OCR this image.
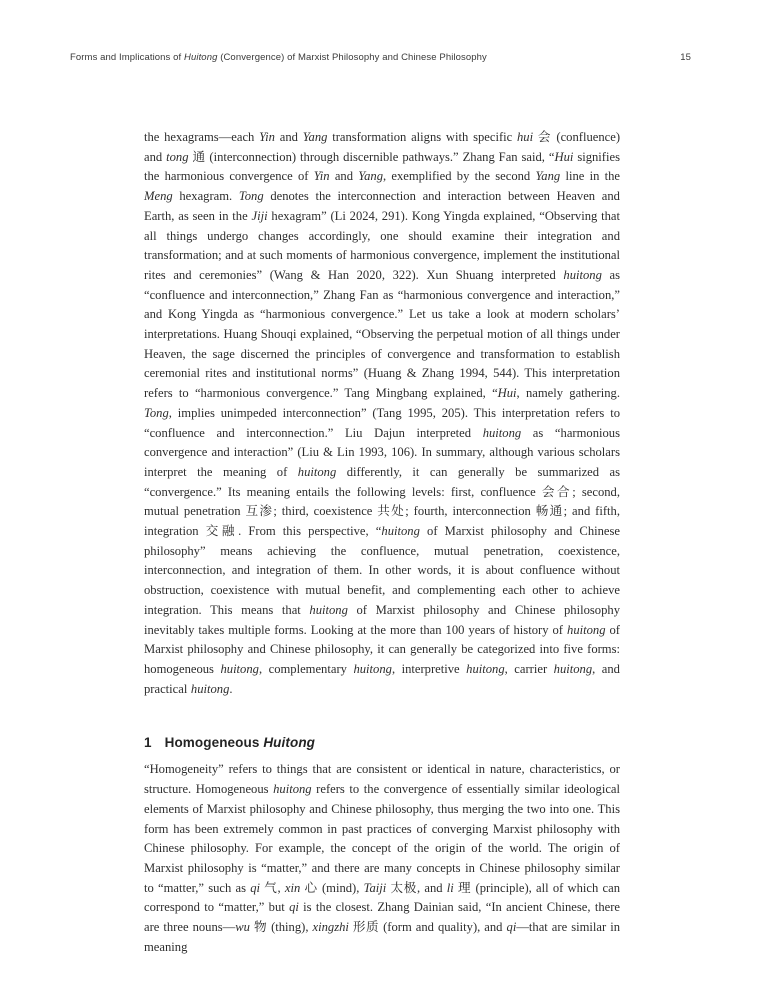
Forms and Implications of Huitong (Convergence) of Marxist Philosophy and Chinese Philosophy	15

the hexagrams—each Yin and Yang transformation aligns with specific hui 会 (confluence) and tong 通 (interconnection) through discernible pathways.” Zhang Fan said, “Hui signifies the harmonious convergence of Yin and Yang, exemplified by the second Yang line in the Meng hexagram. Tong denotes the interconnection and interaction between Heaven and Earth, as seen in the Jiji hexagram” (Li 2024, 291). Kong Yingda explained, “Observing that all things undergo changes accordingly, one should examine their integration and transformation; and at such moments of harmonious convergence, implement the institutional rites and ceremonies” (Wang & Han 2020, 322). Xun Shuang interpreted huitong as “confluence and interconnection,” Zhang Fan as “harmonious convergence and interaction,” and Kong Yingda as “harmonious convergence.” Let us take a look at modern scholars’ interpretations. Huang Shouqi explained, “Observing the perpetual motion of all things under Heaven, the sage discerned the principles of convergence and transformation to establish ceremonial rites and institutional norms” (Huang & Zhang 1994, 544). This interpretation refers to “harmonious convergence.” Tang Mingbang explained, “Hui, namely gathering. Tong, implies unimpeded interconnection” (Tang 1995, 205). This interpretation refers to “confluence and interconnection.” Liu Dajun interpreted huitong as “harmonious convergence and interaction” (Liu & Lin 1993, 106). In summary, although various scholars interpret the meaning of huitong differently, it can generally be summarized as “convergence.” Its meaning entails the following levels: first, confluence 会合; second, mutual penetration 互渗; third, coexistence 共处; fourth, interconnection 畅通; and fifth, integration 交融. From this perspective, “huitong of Marxist philosophy and Chinese philosophy” means achieving the confluence, mutual penetration, coexistence, interconnection, and integration of them. In other words, it is about confluence without obstruction, coexistence with mutual benefit, and complementing each other to achieve integration. This means that huitong of Marxist philosophy and Chinese philosophy inevitably takes multiple forms. Looking at the more than 100 years of history of huitong of Marxist philosophy and Chinese philosophy, it can generally be categorized into five forms: homogeneous huitong, complementary huitong, interpretive huitong, carrier huitong, and practical huitong.

1 Homogeneous Huitong

“Homogeneity” refers to things that are consistent or identical in nature, characteristics, or structure. Homogeneous huitong refers to the convergence of essentially similar ideological elements of Marxist philosophy and Chinese philosophy, thus merging the two into one. This form has been extremely common in past practices of converging Marxist philosophy with Chinese philosophy. For example, the concept of the origin of the world. The origin of Marxist philosophy is “matter,” and there are many concepts in Chinese philosophy similar to “matter,” such as qi 气, xin 心 (mind), Taiji 太极, and li 理 (principle), all of which can correspond to “matter,” but qi is the closest. Zhang Dainian said, “In ancient Chinese, there are three nouns—wu 物 (thing), xingzhi 形质 (form and quality), and qi—that are similar in meaning
